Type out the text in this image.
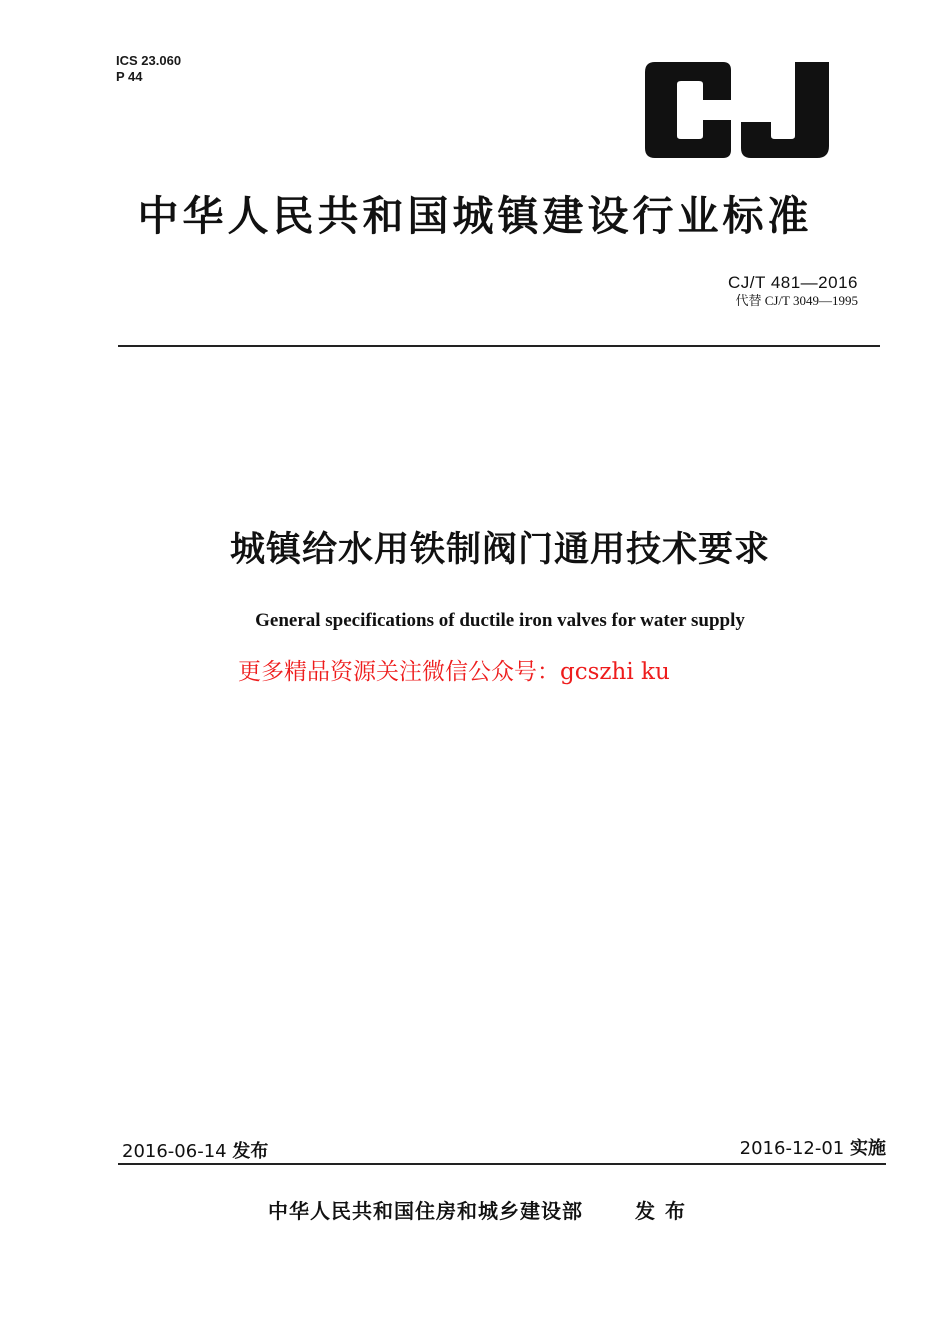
ICS 23.060
P 44
中华人民共和国城镇建设行业标准
CJ/T 481—2016
代替 CJ/T 3049—1995
城镇给水用铁制阀门通用技术要求
General specifications of ductile iron valves for water supply
更多精品资源关注微信公众号：gcszhi ku
2016-06-14 发布	2016-12-01 实施
中华人民共和国住房和城乡建设部	发布
